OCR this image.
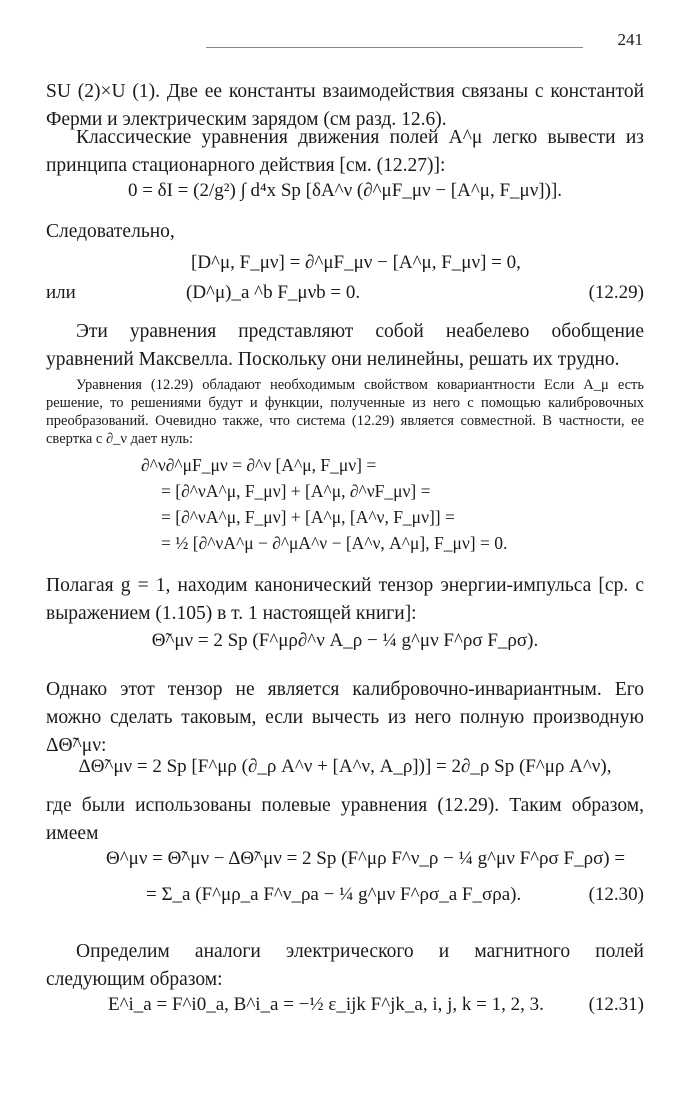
241

SU (2)×U (1). Две ее константы взаимодействия связаны с константой Ферми и электрическим зарядом (см разд. 12.6).

Классические уравнения движения полей A^μ легко вывести из принципа стационарного действия [см. (12.27)]:

0 = δI = (2/g²) ∫ d⁴x Sp [δA^ν (∂^μF_μν − [A^μ, F_μν])].

Следовательно,

[D^μ, F_μν] = ∂^μF_μν − [A^μ, F_μν] = 0,
или	(D^μ)_a ^b F_μνb = 0.	(12.29)

Эти уравнения представляют собой неабелево обобщение уравнений Максвелла. Поскольку они нелинейны, решать их трудно.

Уравнения (12.29) обладают необходимым свойством ковариантности Если A_μ есть решение, то решениями будут и функции, полученные из него с помощью калибровочных преобразований. Очевидно также, что система (12.29) является совместной. В частности, ее свертка с ∂_ν дает нуль:

∂^ν∂^μF_μν = ∂^ν [A^μ, F_μν] =
= [∂^νA^μ, F_μν] + [A^μ, ∂^νF_μν] =
= [∂^νA^μ, F_μν] + [A^μ, [A^ν, F_μν]] =
= ½ [∂^νA^μ − ∂^μA^ν − [A^ν, A^μ], F_μν] = 0.

Полагая g = 1, находим канонический тензор энергии-импульса [ср. с выражением (1.105) в т. 1 настоящей книги]:

Θ̃^μν = 2 Sp (F^μρ∂^ν A_ρ − ¼ g^μν F^ρσ F_ρσ).

Однако этот тензор не является калибровочно-инвариантным. Его можно сделать таковым, если вычесть из него полную производную ΔΘ̃^μν:

ΔΘ̃^μν = 2 Sp [F^μρ (∂_ρ A^ν + [A^ν, A_ρ])] = 2∂_ρ Sp (F^μρ A^ν),

где были использованы полевые уравнения (12.29). Таким образом, имеем

Θ^μν = Θ̃^μν − ΔΘ̃^μν = 2 Sp (F^μρ F^ν_ρ − ¼ g^μν F^ρσ F_ρσ) =
= Σ_a (F^μρ_a F^ν_ρa − ¼ g^μν F^ρσ_a F_σρa).	(12.30)

Определим аналоги электрического и магнитного полей следующим образом:

E^i_a = F^i0_a, B^i_a = −½ ε_ijk F^jk_a, i, j, k = 1, 2, 3. (12.31)
